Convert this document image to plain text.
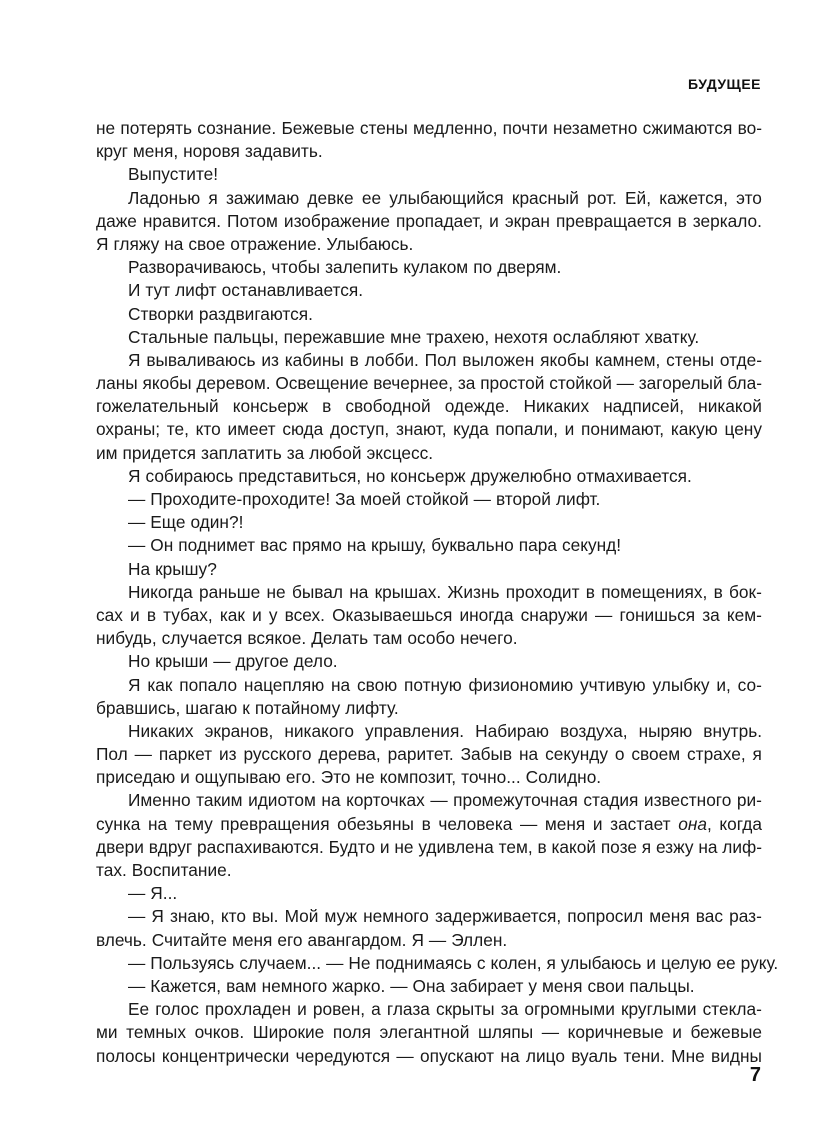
БУДУЩЕЕ
не потерять сознание. Бежевые стены медленно, почти незаметно сжимаются во-
круг меня, норовя задавить.
Выпустите!
Ладонью я зажимаю девке ее улыбающийся красный рот. Ей, кажется, это
даже нравится. Потом изображение пропадает, и экран превращается в зеркало.
Я гляжу на свое отражение. Улыбаюсь.
Разворачиваюсь, чтобы залепить кулаком по дверям.
И тут лифт останавливается.
Створки раздвигаются.
Стальные пальцы, пережавшие мне трахею, нехотя ослабляют хватку.
Я вываливаюсь из кабины в лобби. Пол выложен якобы камнем, стены отде-
ланы якобы деревом. Освещение вечернее, за простой стойкой — загорелый бла-
гожелательный консьерж в свободной одежде. Никаких надписей, никакой
охраны; те, кто имеет сюда доступ, знают, куда попали, и понимают, какую цену
им придется заплатить за любой эксцесс.
Я собираюсь представиться, но консьерж дружелюбно отмахивается.
— Проходите-проходите! За моей стойкой — второй лифт.
— Еще один?!
— Он поднимет вас прямо на крышу, буквально пара секунд!
На крышу?
Никогда раньше не бывал на крышах. Жизнь проходит в помещениях, в бок-
сах и в тубах, как и у всех. Оказываешься иногда снаружи — гонишься за кем-
нибудь, случается всякое. Делать там особо нечего.
Но крыши — другое дело.
Я как попало нацепляю на свою потную физиономию учтивую улыбку и, со-
бравшись, шагаю к потайному лифту.
Никаких экранов, никакого управления. Набираю воздуха, ныряю внутрь.
Пол — паркет из русского дерева, раритет. Забыв на секунду о своем страхе, я
приседаю и ощупываю его. Это не композит, точно... Солидно.
Именно таким идиотом на корточках — промежуточная стадия известного ри-
сунка на тему превращения обезьяны в человека — меня и застает она, когда
двери вдруг распахиваются. Будто и не удивлена тем, в какой позе я езжу на лиф-
тах. Воспитание.
— Я...
— Я знаю, кто вы. Мой муж немного задерживается, попросил меня вас раз-
влечь. Считайте меня его авангардом. Я — Эллен.
— Пользуясь случаем... — Не поднимаясь с колен, я улыбаюсь и целую ее руку.
— Кажется, вам немного жарко. — Она забирает у меня свои пальцы.
Ее голос прохладен и ровен, а глаза скрыты за огромными круглыми стекла-
ми темных очков. Широкие поля элегантной шляпы — коричневые и бежевые
полосы концентрически чередуются — опускают на лицо вуаль тени. Мне видны
7
